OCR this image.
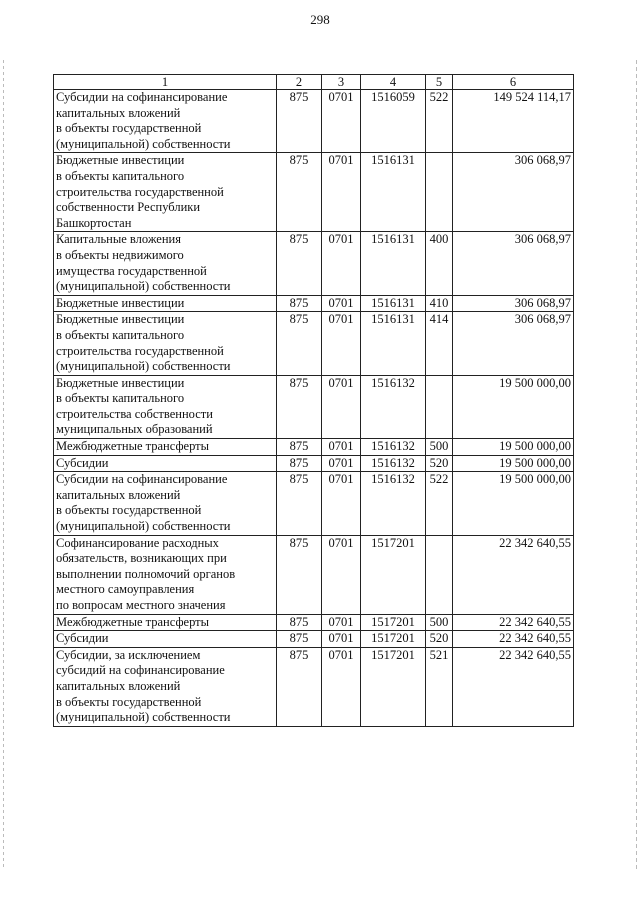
298
1	2	3	4	5	6

Субсидии на софинансирование
капитальных вложений
в объекты государственной
(муниципальной) собственности	875	0701	1516059	522	149 524 114,17

Бюджетные инвестиции
в объекты капитального
строительства государственной
собственности Республики
Башкортостан	875	0701	1516131		306 068,97

Капитальные вложения
в объекты недвижимого
имущества государственной
(муниципальной) собственности	875	0701	1516131	400	306 068,97

Бюджетные инвестиции	875	0701	1516131	410	306 068,97

Бюджетные инвестиции
в объекты капитального
строительства государственной
(муниципальной) собственности	875	0701	1516131	414	306 068,97

Бюджетные инвестиции
в объекты капитального
строительства собственности
муниципальных образований	875	0701	1516132		19 500 000,00

Межбюджетные трансферты	875	0701	1516132	500	19 500 000,00

Субсидии	875	0701	1516132	520	19 500 000,00

Субсидии на софинансирование
капитальных вложений
в объекты государственной
(муниципальной) собственности	875	0701	1516132	522	19 500 000,00

Софинансирование расходных
обязательств, возникающих при
выполнении полномочий органов
местного самоуправления
по вопросам местного значения	875	0701	1517201		22 342 640,55

Межбюджетные трансферты	875	0701	1517201	500	22 342 640,55

Субсидии	875	0701	1517201	520	22 342 640,55

Субсидии, за исключением
субсидий на софинансирование
капитальных вложений
в объекты государственной
(муниципальной) собственности	875	0701	1517201	521	22 342 640,55
